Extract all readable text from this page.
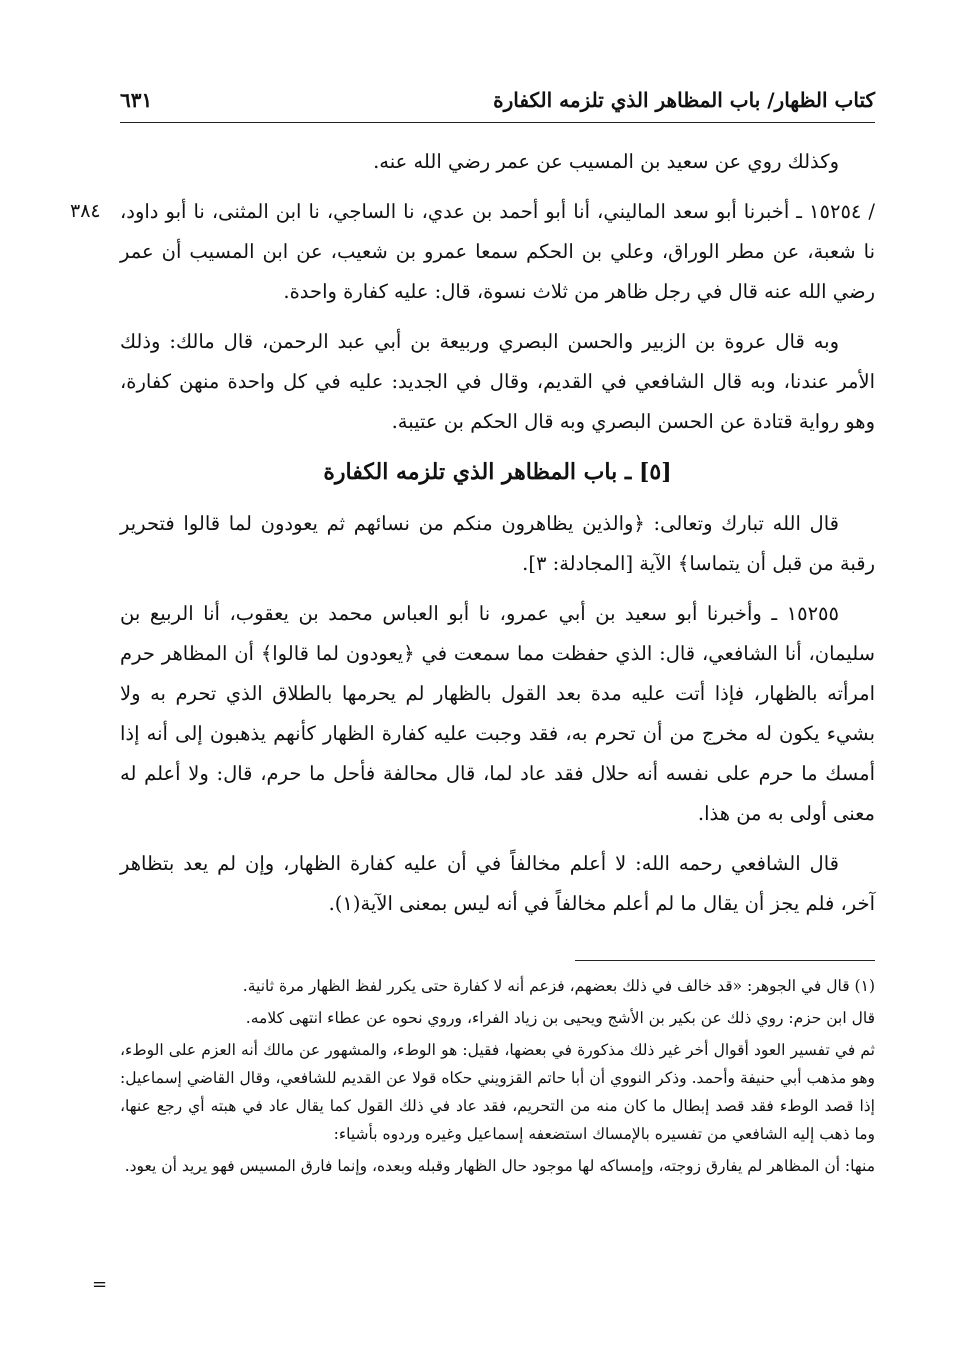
كتاب الظهار/ باب المظاهر الذي تلزمه الكفارة
٦٣١
٣٨٤

وكذلك روي عن سعيد بن المسيب عن عمر رضي الله عنه.

/ ١٥٢٥٤ ـ أخبرنا أبو سعد الماليني، أنا أبو أحمد بن عدي، نا الساجي، نا ابن المثنى، نا أبو داود، نا شعبة، عن مطر الوراق، وعلي بن الحكم سمعا عمرو بن شعيب، عن ابن المسيب أن عمر رضي الله عنه قال في رجل ظاهر من ثلاث نسوة، قال: عليه كفارة واحدة.

وبه قال عروة بن الزبير والحسن البصري وربيعة بن أبي عبد الرحمن، قال مالك: وذلك الأمر عندنا، وبه قال الشافعي في القديم، وقال في الجديد: عليه في كل واحدة منهن كفارة، وهو رواية قتادة عن الحسن البصري وبه قال الحكم بن عتيبة.

[٥] ـ باب المظاهر الذي تلزمه الكفارة

قال الله تبارك وتعالى: ﴿والذين يظاهرون منكم من نسائهم ثم يعودون لما قالوا فتحرير رقبة من قبل أن يتماسا﴾ الآية [المجادلة: ٣].

١٥٢٥٥ ـ وأخبرنا أبو سعيد بن أبي عمرو، نا أبو العباس محمد بن يعقوب، أنا الربيع بن سليمان، أنا الشافعي، قال: الذي حفظت مما سمعت في ﴿يعودون لما قالوا﴾ أن المظاهر حرم امرأته بالظهار، فإذا أتت عليه مدة بعد القول بالظهار لم يحرمها بالطلاق الذي تحرم به ولا بشيء يكون له مخرج من أن تحرم به، فقد وجبت عليه كفارة الظهار كأنهم يذهبون إلى أنه إذا أمسك ما حرم على نفسه أنه حلال فقد عاد لما، قال محالفة فأحل ما حرم، قال: ولا أعلم له معنى أولى به من هذا.

قال الشافعي رحمه الله: لا أعلم مخالفاً في أن عليه كفارة الظهار، وإن لم يعد بتظاهر آخر، فلم يجز أن يقال ما لم أعلم مخالفاً في أنه ليس بمعنى الآية(١).

(١) قال في الجوهر: «قد خالف في ذلك بعضهم، فزعم أنه لا كفارة حتى يكرر لفظ الظهار مرة ثانية.

قال ابن حزم: روي ذلك عن بكير بن الأشج ويحيى بن زياد الفراء، وروي نحوه عن عطاء انتهى كلامه.

ثم في تفسير العود أقوال أخر غير ذلك مذكورة في بعضها، فقيل: هو الوطء، والمشهور عن مالك أنه العزم على الوطء، وهو مذهب أبي حنيفة وأحمد. وذكر النووي أن أبا حاتم القزويني حكاه قولا عن القديم للشافعي، وقال القاضي إسماعيل: إذا قصد الوطء فقد قصد إبطال ما كان منه من التحريم، فقد عاد في ذلك القول كما يقال عاد في هبته أي رجع عنها، وما ذهب إليه الشافعي من تفسيره بالإمساك استضعفه إسماعيل وغيره وردوه بأشياء:

منها: أن المظاهر لم يفارق زوجته، وإمساكه لها موجود حال الظهار وقبله وبعده، وإنما فارق المسيس فهو يريد أن يعود.

=
